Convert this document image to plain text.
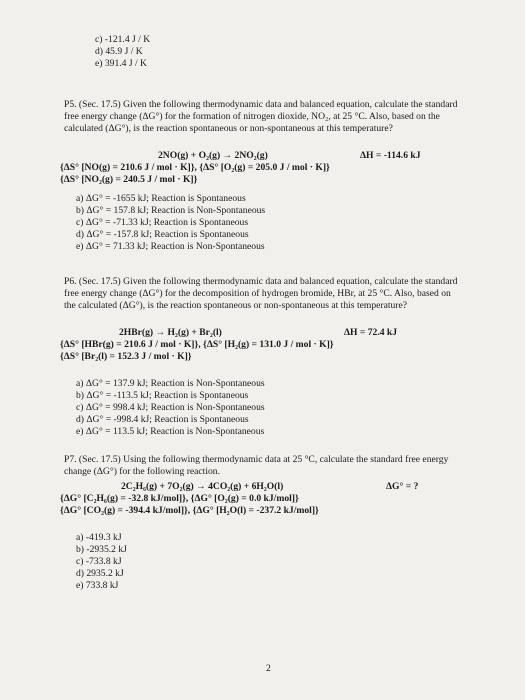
c) -121.4 J / K
d) 45.9 J / K
e) 391.4 J / K
P5. (Sec. 17.5) Given the following thermodynamic data and balanced equation, calculate the standard free energy change (ΔG°) for the formation of nitrogen dioxide, NO₂, at 25 °C. Also, based on the calculated (ΔG°), is the reaction spontaneous or non-spontaneous at this temperature?
2NO(g) + O₂(g) → 2NO₂(g)	ΔH = -114.6 kJ
{ΔS° [NO(g) = 210.6 J / mol · K]}, {ΔS° [O₂(g) = 205.0 J / mol · K]}
{ΔS° [NO₂(g) = 240.5 J / mol · K]}
a) ΔG° = -1655 kJ; Reaction is Spontaneous
b) ΔG° = 157.8 kJ; Reaction is Non-Spontaneous
c) ΔG° = -71.33 kJ; Reaction is Spontaneous
d) ΔG° = -157.8 kJ; Reaction is Spontaneous
e) ΔG° = 71.33 kJ; Reaction is Non-Spontaneous
P6. (Sec. 17.5) Given the following thermodynamic data and balanced equation, calculate the standard free energy change (ΔG°) for the decomposition of hydrogen bromide, HBr, at 25 °C. Also, based on the calculated (ΔG°), is the reaction spontaneous or non-spontaneous at this temperature?
2HBr(g) → H₂(g) + Br₂(l)	ΔH = 72.4 kJ
{ΔS° [HBr(g) = 210.6 J / mol · K]}, {ΔS° [H₂(g) = 131.0 J / mol · K]}
{ΔS° [Br₂(l) = 152.3 J / mol · K]}
a) ΔG° = 137.9 kJ; Reaction is Non-Spontaneous
b) ΔG° = -113.5 kJ; Reaction is Spontaneous
c) ΔG° = 998.4 kJ; Reaction is Non-Spontaneous
d) ΔG° = -998.4 kJ; Reaction is Spontaneous
e) ΔG° = 113.5 kJ; Reaction is Non-Spontaneous
P7. (Sec. 17.5) Using the following thermodynamic data at 25 °C, calculate the standard free energy change (ΔG°) for the following reaction.
2C₂H₆(g) + 7O₂(g) → 4CO₂(g) + 6H₂O(l)	ΔG° = ?
{ΔG° [C₂H₆(g) = -32.8 kJ/mol]}, {ΔG° [O₂(g) = 0.0 kJ/mol]}
{ΔG° [CO₂(g) = -394.4 kJ/mol]}, {ΔG° [H₂O(l) = -237.2 kJ/mol]}
a) -419.3 kJ
b) -2935.2 kJ
c) -733.8 kJ
d) 2935.2 kJ
e) 733.8 kJ
2
